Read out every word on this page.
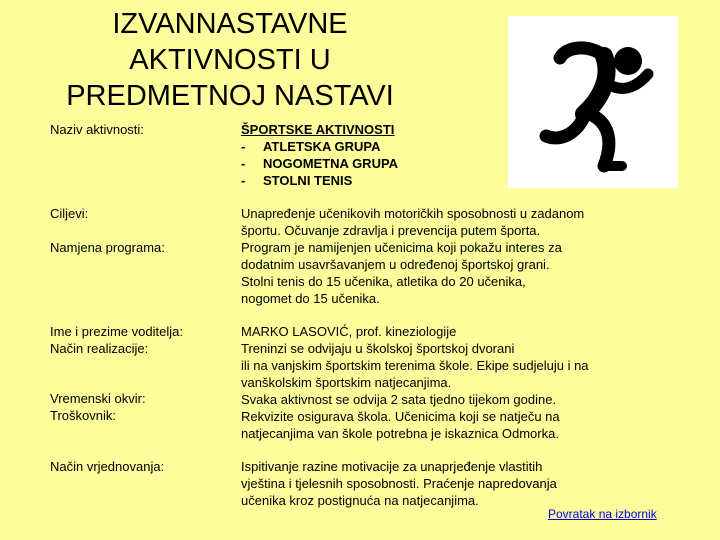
IZVANNASTAVNE
AKTIVNOSTI U
PREDMETNOJ NASTAVI
Naziv aktivnosti:	ŠPORTSKE AKTIVNOSTI
- ATLETSKA GRUPA
- NOGOMETNA GRUPA
- STOLNI TENIS
Ciljevi:
Namjena programa:
Unapređenje učenikovih motoričkih sposobnosti u zadanom
športu. Očuvanje zdravlja i prevencija putem športa.
Program je namijenjen učenicima koji pokažu interes za
dodatnim usavršavanjem u određenoj športskoj grani.
Stolni tenis do 15 učenika, atletika do 20 učenika,
nogomet do 15 učenika.
Ime i prezime voditelja:
Način realizacije:
Vremenski okvir:
Troškovnik:
MARKO LASOVIĆ, prof. kineziologije
Treninzi se odvijaju u školskoj športskoj dvorani
ili na vanjskim športskim terenima škole. Ekipe sudjeluju i na
vanškolskim športskim natjecanjima.
Svaka aktivnost se odvija 2 sata tjedno tijekom godine.
Rekvizite osigurava škola. Učenicima koji se natječu na
natjecanjima van škole potrebna je iskaznica Odmorka.
Način vrjednovanja:	Ispitivanje razine motivacije za unaprjeđenje vlastitih
vještina i tjelesnih sposobnosti. Praćenje napredovanja
učenika kroz postignuća na natjecanjima.
Povratak na izbornik
